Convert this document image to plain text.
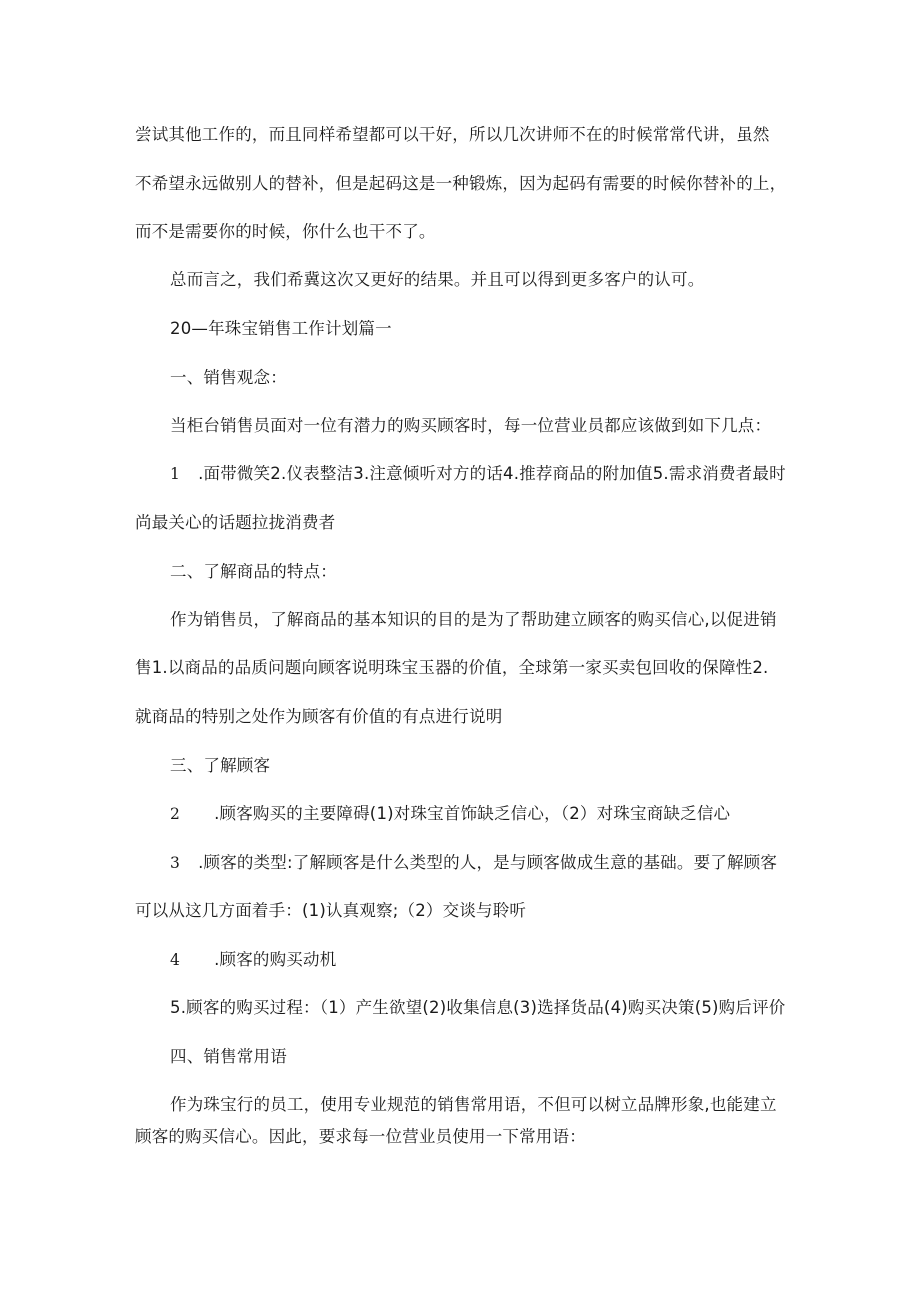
尝试其他工作的，而且同样希望都可以干好，所以几次讲师不在的时候常常代讲，虽然
不希望永远做别人的替补，但是起码这是一种锻炼，因为起码有需要的时候你替补的上，
而不是需要你的时候，你什么也干不了。
总而言之，我们希冀这次又更好的结果。并且可以得到更多客户的认可。
20—年珠宝销售工作计划篇一
一、销售观念：
当柜台销售员面对一位有潜力的购买顾客时，每一位营业员都应该做到如下几点：
1 .面带微笑2.仪表整洁3.注意倾听对方的话4.推荐商品的附加值5.需求消费者最时
尚最关心的话题拉拢消费者
二、了解商品的特点：
作为销售员，了解商品的基本知识的目的是为了帮助建立顾客的购买信心,以促进销
售1.以商品的品质问题向顾客说明珠宝玉器的价值，全球第一家买卖包回收的保障性2.
就商品的特别之处作为顾客有价值的有点进行说明
三、了解顾客
2 .顾客购买的主要障碍(1)对珠宝首饰缺乏信心，（2）对珠宝商缺乏信心
3 .顾客的类型:了解顾客是什么类型的人，是与顾客做成生意的基础。要了解顾客
可以从这几方面着手：(1)认真观察;（2）交谈与聆听
4 .顾客的购买动机
5.顾客的购买过程：（1）产生欲望(2)收集信息(3)选择货品(4)购买决策(5)购后评价
四、销售常用语
作为珠宝行的员工，使用专业规范的销售常用语，不但可以树立品牌形象,也能建立
顾客的购买信心。因此，要求每一位营业员使用一下常用语：
